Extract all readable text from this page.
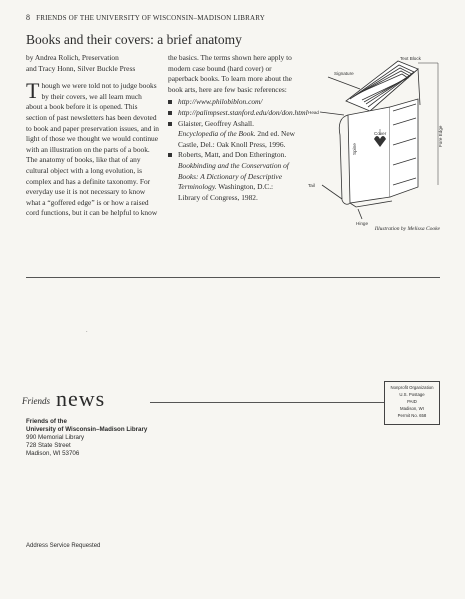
8 FRIENDS OF THE UNIVERSITY OF WISCONSIN–MADISON LIBRARY
Books and their covers: a brief anatomy
by Andrea Rolich, Preservation
and Tracy Honn, Silver Buckle Press
Though we were told not to judge books by their covers, we all learn much about a book before it is opened. This section of past newsletters has been devoted to book and paper preservation issues, and in light of those we thought we would continue with an illustration on the parts of a book. The anatomy of books, like that of any cultural object with a long evolution, is complex and has a definite taxonomy. For everyday use it is not necessary to know what a “goffered edge” is or how a raised cord functions, but it can be helpful to know
the basics. The terms shown here apply to modern case bound (hard cover) or paperback books. To learn more about the book arts, here are few basic references:
http://www.philobiblon.com/
http://palimpsest.stanford.edu/don/don.html
Glaister, Geoffrey Ashall. Encyclopedia of the Book. 2nd ed. New Castle, Del.: Oak Knoll Press, 1996.
Roberts, Matt, and Don Etherington. Bookbinding and the Conservation of Books: A Dictionary of Descriptive Terminology. Washington, D.C.: Library of Congress, 1982.
Text Block
Signature
Head
Cover
Spine
Fore Edge
Tail
Hinge
Illustration by Melissa Cooke
·
Friends news	Nonprofit Organization
U.S. Postage
PAID
Madison, WI
Permit No. 658
Friends of the
University of Wisconsin–Madison Library
990 Memorial Library
728 State Street
Madison, WI 53706
Address Service Requested
